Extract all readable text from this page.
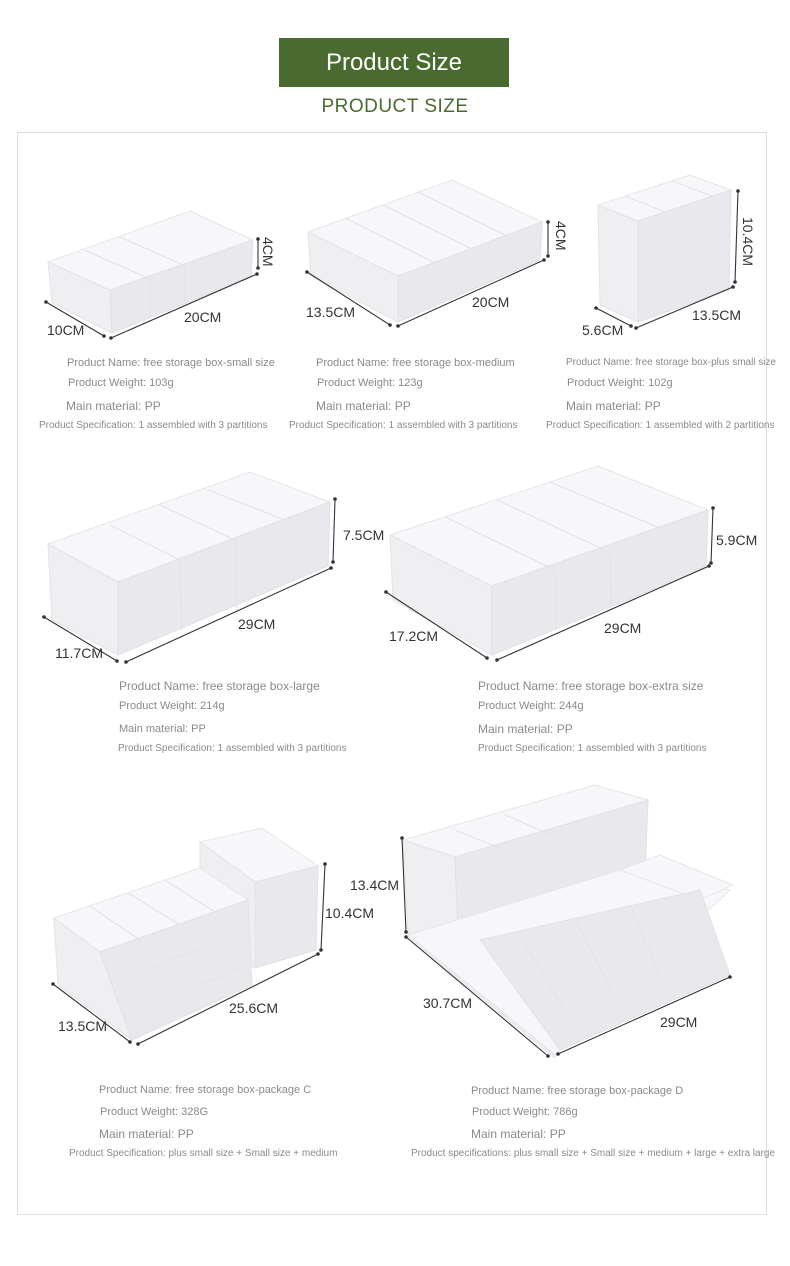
Product Size
PRODUCT SIZE
10CM
20CM
4CM
Product Name: free storage box-small size
Product Weight: 103g
Main material: PP
Product Specification: 1 assembled with 3 partitions
13.5CM
20CM
4CM
Product Name: free storage box-medium
Product Weight: 123g
Main material: PP
Product Specification: 1 assembled with 3 partitions
5.6CM
13.5CM
10.4CM
Product Name: free storage box-plus small size
Product Weight: 102g
Main material: PP
Product Specification: 1 assembled with 2 partitions
11.7CM
29CM
7.5CM
Product Name: free storage box-large
Product Weight: 214g
Main material: PP
Product Specification: 1 assembled with 3 partitions
17.2CM	29CM
5.9CM
Product Name: free storage box-extra size
Product Weight: 244g
Main material: PP
Product Specification: 1 assembled with 3 partitions
13.5CM
25.6CM
10.4CM
Product Name: free storage box-package C
Product Weight: 328G
Main material: PP
Product Specification: plus small size + Small size + medium
30.7CM
29CM
13.4CM
Product Name: free storage box-package D
Product Weight: 786g
Main material: PP
Product specifications: plus small size + Small size + medium + large + extra large
